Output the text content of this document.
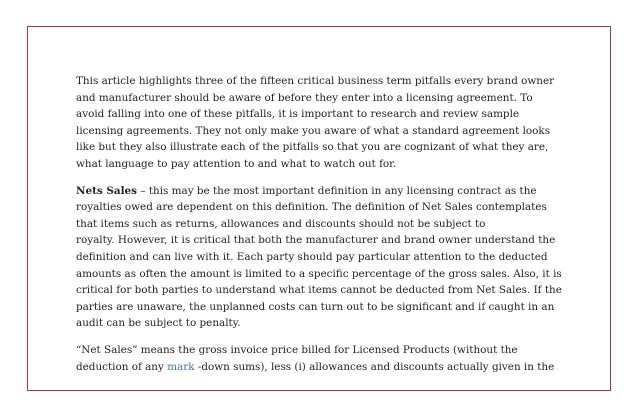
This article highlights three of the fifteen critical business term pitfalls every brand owner
and manufacturer should be aware of before they enter into a licensing agreement. To
avoid falling into one of these pitfalls, it is important to research and review sample
licensing agreements. They not only make you aware of what a standard agreement looks
like but they also illustrate each of the pitfalls so that you are cognizant of what they are,
what language to pay attention to and what to watch out for.

Nets Sales – this may be the most important definition in any licensing contract as the
royalties owed are dependent on this definition. The definition of Net Sales contemplates
that items such as returns, allowances and discounts should not be subject to
royalty. However, it is critical that both the manufacturer and brand owner understand the
definition and can live with it. Each party should pay particular attention to the deducted
amounts as often the amount is limited to a specific percentage of the gross sales. Also, it is
critical for both parties to understand what items cannot be deducted from Net Sales. If the
parties are unaware, the unplanned costs can turn out to be significant and if caught in an
audit can be subject to penalty.

“Net Sales” means the gross invoice price billed for Licensed Products (without the
deduction of any mark -down sums), less (i) allowances and discounts actually given in the
